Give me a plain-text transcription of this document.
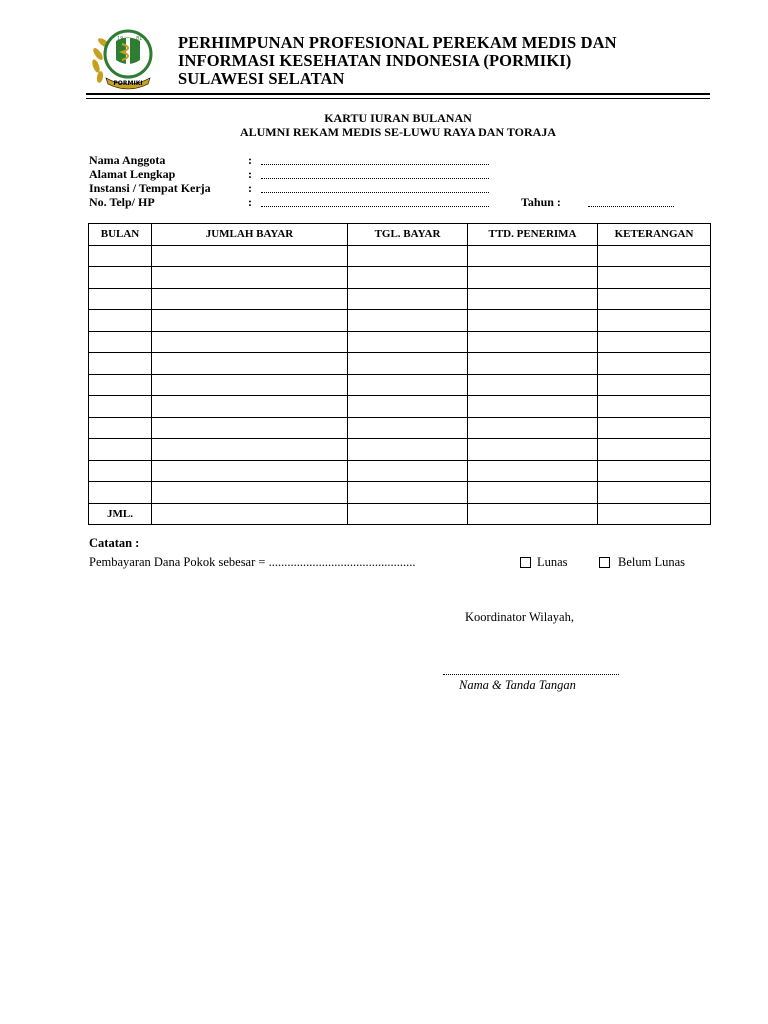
19	81
PORMIKI
PERHIMPUNAN PROFESIONAL PEREKAM MEDIS DAN
INFORMASI KESEHATAN INDONESIA (PORMIKI)
SULAWESI SELATAN
KARTU IURAN BULANAN
ALUMNI REKAM MEDIS SE-LUWU RAYA DAN TORAJA
Nama Anggota	:
Alamat Lengkap	:
Instansi / Tempat Kerja	:
No. Telp/ HP	:	Tahun :
BULAN	JUMLAH BAYAR	TGL. BAYAR	TTD. PENERIMA	KETERANGAN

JML.				
Catatan :
Pembayaran Dana Pokok sebesar = ...............................................	Lunas	Belum Lunas
Koordinator Wilayah,
Nama & Tanda Tangan
